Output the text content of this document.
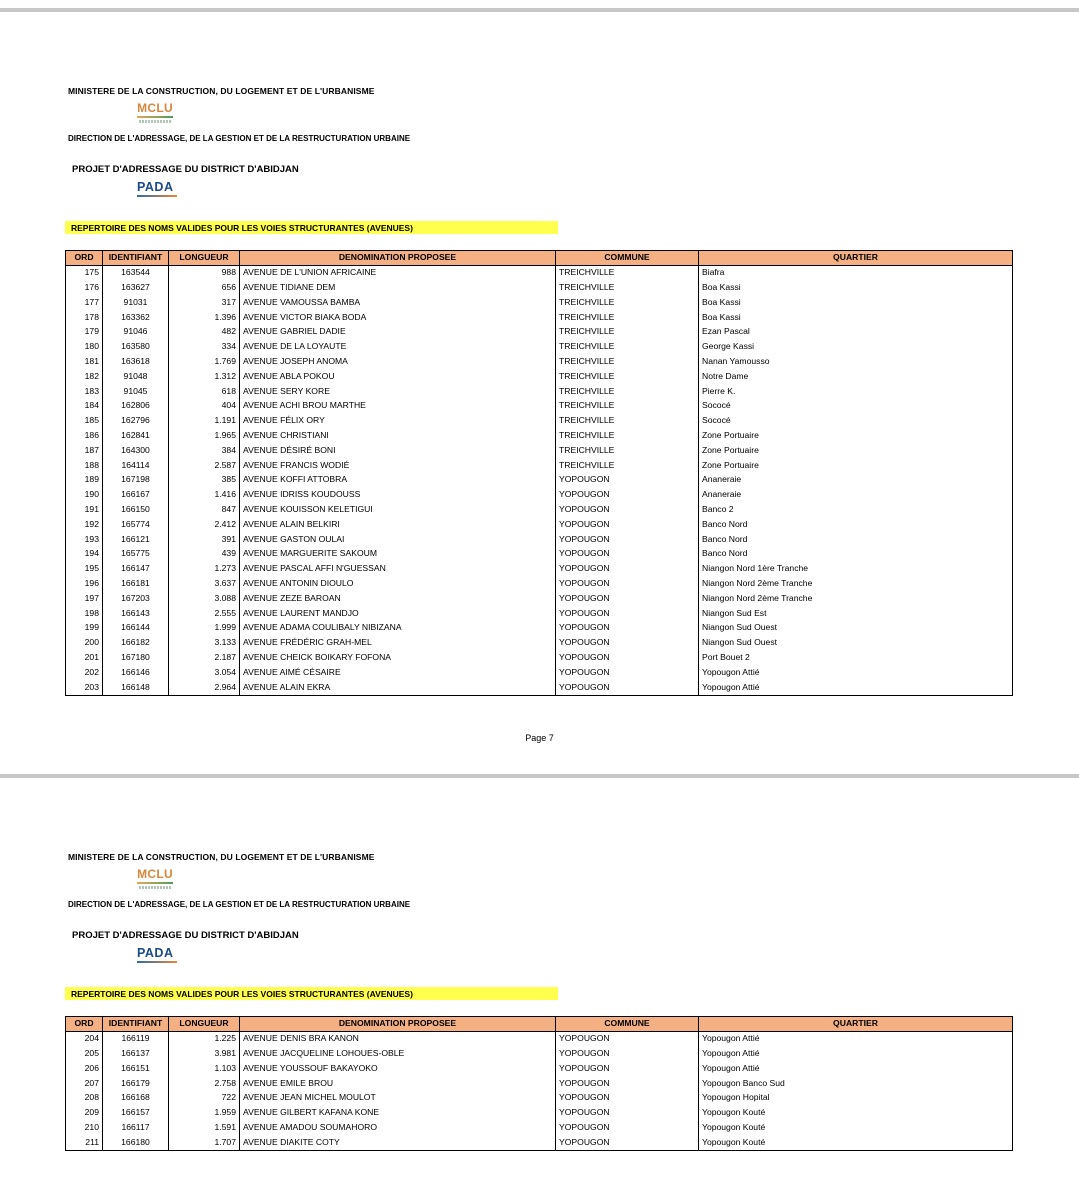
MINISTERE DE LA CONSTRUCTION, DU LOGEMENT ET DE L'URBANISME
MCLU
DIRECTION DE L'ADRESSAGE, DE LA GESTION ET DE LA RESTRUCTURATION URBAINE
PROJET D'ADRESSAGE DU DISTRICT D'ABIDJAN
PADA
REPERTOIRE DES NOMS VALIDES POUR LES VOIES STRUCTURANTES (AVENUES)
ORD	IDENTIFIANT	LONGUEUR	DENOMINATION PROPOSEE	COMMUNE	QUARTIER
175	163544	988	AVENUE DE L'UNION AFRICAINE	TREICHVILLE	Biafra
176	163627	656	AVENUE TIDIANE DEM	TREICHVILLE	Boa Kassi
177	91031	317	AVENUE VAMOUSSA BAMBA	TREICHVILLE	Boa Kassi
178	163362	1.396	AVENUE VICTOR BIAKA BODA	TREICHVILLE	Boa Kassi
179	91046	482	AVENUE GABRIEL DADIE	TREICHVILLE	Ezan Pascal
180	163580	334	AVENUE DE LA LOYAUTE	TREICHVILLE	George Kassi
181	163618	1.769	AVENUE JOSEPH ANOMA	TREICHVILLE	Nanan Yamousso
182	91048	1.312	AVENUE ABLA POKOU	TREICHVILLE	Notre Dame
183	91045	618	AVENUE SERY KORE	TREICHVILLE	Pierre K.
184	162806	404	AVENUE ACHI BROU MARTHE	TREICHVILLE	Sococé
185	162796	1.191	AVENUE FÉLIX ORY	TREICHVILLE	Sococé
186	162841	1.965	AVENUE CHRISTIANI	TREICHVILLE	Zone Portuaire
187	164300	384	AVENUE DÉSIRÉ BONI	TREICHVILLE	Zone Portuaire
188	164114	2.587	AVENUE FRANCIS WODIÉ	TREICHVILLE	Zone Portuaire
189	167198	385	AVENUE KOFFI ATTOBRA	YOPOUGON	Ananeraie
190	166167	1.416	AVENUE IDRISS KOUDOUSS	YOPOUGON	Ananeraie
191	166150	847	AVENUE KOUISSON KELETIGUI	YOPOUGON	Banco 2
192	165774	2.412	AVENUE ALAIN BELKIRI	YOPOUGON	Banco Nord
193	166121	391	AVENUE GASTON OULAI	YOPOUGON	Banco Nord
194	165775	439	AVENUE MARGUERITE SAKOUM	YOPOUGON	Banco Nord
195	166147	1.273	AVENUE PASCAL AFFI N'GUESSAN	YOPOUGON	Niangon Nord 1ère Tranche
196	166181	3.637	AVENUE ANTONIN DIOULO	YOPOUGON	Niangon Nord 2ème Tranche
197	167203	3.088	AVENUE ZEZE BAROAN	YOPOUGON	Niangon Nord 2ème Tranche
198	166143	2.555	AVENUE LAURENT MANDJO	YOPOUGON	Niangon Sud Est
199	166144	1.999	AVENUE ADAMA COULIBALY NIBIZANA	YOPOUGON	Niangon Sud Ouest
200	166182	3.133	AVENUE FRÉDÉRIC GRAH-MEL	YOPOUGON	Niangon Sud Ouest
201	167180	2.187	AVENUE CHEICK BOIKARY FOFONA	YOPOUGON	Port Bouet 2
202	166146	3.054	AVENUE AIMÉ CÉSAIRE	YOPOUGON	Yopougon Attié
203	166148	2.964	AVENUE ALAIN EKRA	YOPOUGON	Yopougon Attié
Page 7
MINISTERE DE LA CONSTRUCTION, DU LOGEMENT ET DE L'URBANISME
MCLU
DIRECTION DE L'ADRESSAGE, DE LA GESTION ET DE LA RESTRUCTURATION URBAINE
PROJET D'ADRESSAGE DU DISTRICT D'ABIDJAN
PADA
REPERTOIRE DES NOMS VALIDES POUR LES VOIES STRUCTURANTES (AVENUES)
ORD	IDENTIFIANT	LONGUEUR	DENOMINATION PROPOSEE	COMMUNE	QUARTIER
204	166119	1.225	AVENUE DENIS BRA KANON	YOPOUGON	Yopougon Attié
205	166137	3.981	AVENUE JACQUELINE LOHOUES-OBLE	YOPOUGON	Yopougon Attié
206	166151	1.103	AVENUE YOUSSOUF BAKAYOKO	YOPOUGON	Yopougon Attié
207	166179	2.758	AVENUE EMILE BROU	YOPOUGON	Yopougon Banco Sud
208	166168	722	AVENUE JEAN MICHEL MOULOT	YOPOUGON	Yopougon Hopital
209	166157	1.959	AVENUE GILBERT KAFANA KONE	YOPOUGON	Yopougon Kouté
210	166117	1.591	AVENUE AMADOU SOUMAHORO	YOPOUGON	Yopougon Kouté
211	166180	1.707	AVENUE DIAKITE COTY	YOPOUGON	Yopougon Kouté
